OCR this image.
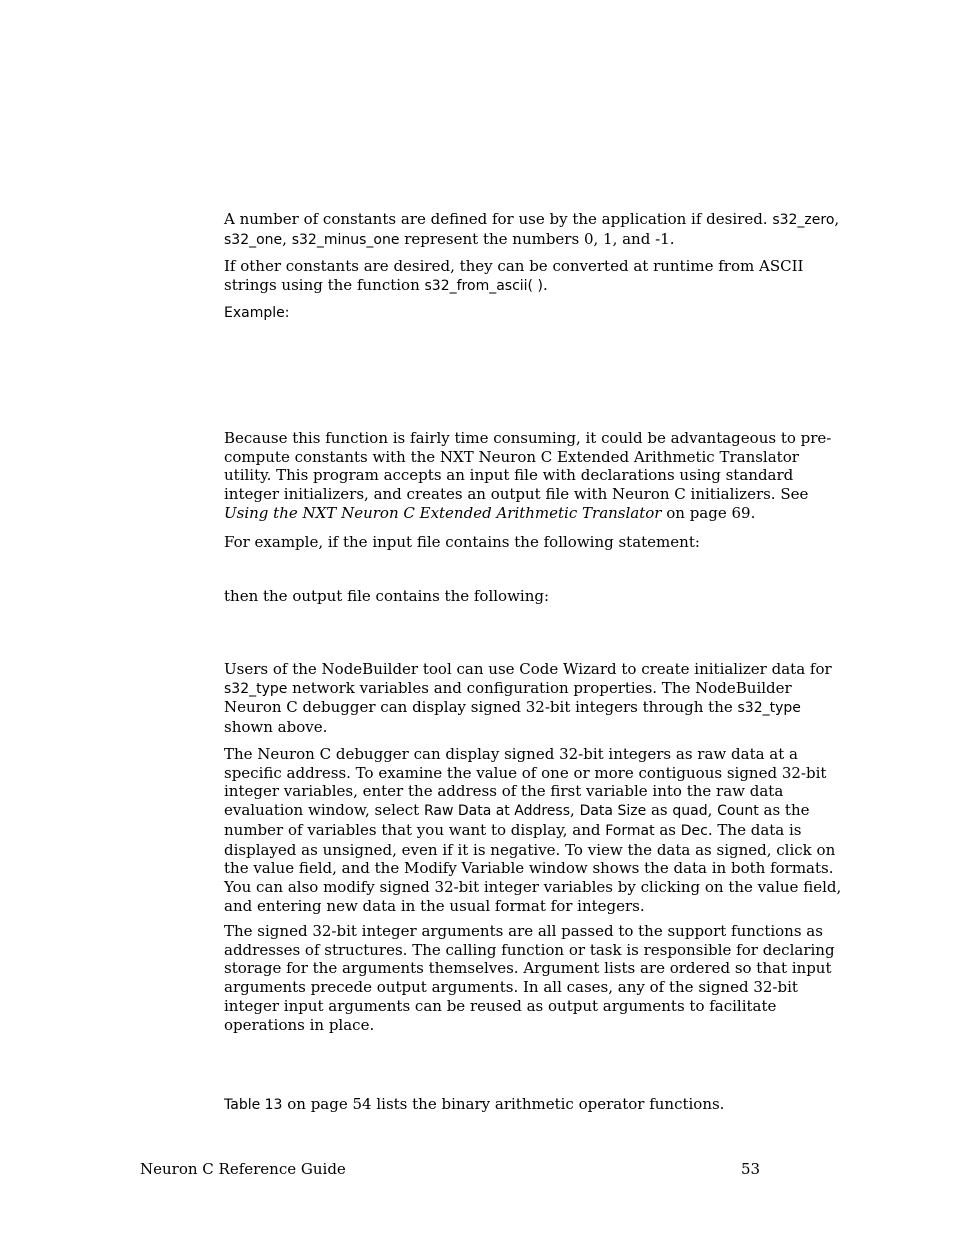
A number of constants are defined for use by the application if desired. s32_zero,
s32_one, s32_minus_one represent the numbers 0, 1, and -1.

If other constants are desired, they can be converted at runtime from ASCII
strings using the function s32_from_ascii( ).

Example:

Because this function is fairly time consuming, it could be advantageous to pre-
compute constants with the NXT Neuron C Extended Arithmetic Translator
utility. This program accepts an input file with declarations using standard
integer initializers, and creates an output file with Neuron C initializers. See
Using the NXT Neuron C Extended Arithmetic Translator on page 69.

For example, if the input file contains the following statement:

then the output file contains the following:

Users of the NodeBuilder tool can use Code Wizard to create initializer data for
s32_type network variables and configuration properties. The NodeBuilder
Neuron C debugger can display signed 32-bit integers through the s32_type
shown above.

The Neuron C debugger can display signed 32-bit integers as raw data at a
specific address. To examine the value of one or more contiguous signed 32-bit
integer variables, enter the address of the first variable into the raw data
evaluation window, select Raw Data at Address, Data Size as quad, Count as the
number of variables that you want to display, and Format as Dec. The data is
displayed as unsigned, even if it is negative. To view the data as signed, click on
the value field, and the Modify Variable window shows the data in both formats.
You can also modify signed 32-bit integer variables by clicking on the value field,
and entering new data in the usual format for integers.

The signed 32-bit integer arguments are all passed to the support functions as
addresses of structures. The calling function or task is responsible for declaring
storage for the arguments themselves. Argument lists are ordered so that input
arguments precede output arguments. In all cases, any of the signed 32-bit
integer input arguments can be reused as output arguments to facilitate
operations in place.

Table 13 on page 54 lists the binary arithmetic operator functions.

Neuron C Reference Guide	53
